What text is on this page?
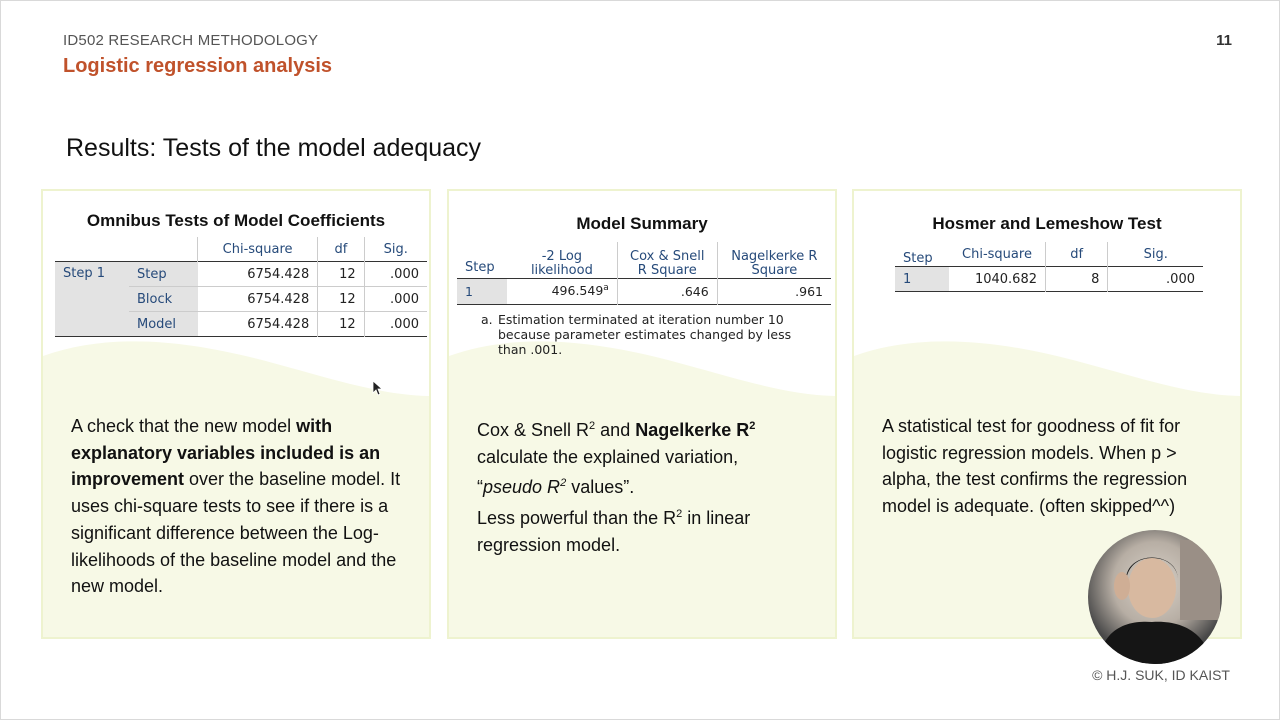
ID502 RESEARCH METHODOLOGY
Logistic regression analysis
11
Results: Tests of the model adequacy
Omnibus Tests of Model Coefficients
		Chi-square	df	Sig.
Step 1	Step	6754.428	12	.000
	Block	6754.428	12	.000
	Model	6754.428	12	.000
A check that the new model with explanatory variables included is an improvement over the baseline model. It uses chi-square tests to see if there is a significant difference between the Log-likelihoods of the baseline model and the new model.
Model Summary
Step	-2 Log likelihood	Cox & Snell R Square	Nagelkerke R Square
1	496.549$^a$	.646	.961
a. Estimation terminated at iteration number 10 because parameter estimates changed by less than .001.
Cox & Snell $R^2$ and Nagelkerke $R^2$
calculate the explained variation,
“pseudo $R^2$ values”.
Less powerful than the $R^2$ in linear regression model.
Hosmer and Lemeshow Test
Step	Chi-square	df	Sig.
1	1040.682	8	.000
A statistical test for goodness of fit for logistic regression models. When p > alpha, the test confirms the regression model is adequate. (often skipped^^)
© H.J. SUK, ID KAIST
